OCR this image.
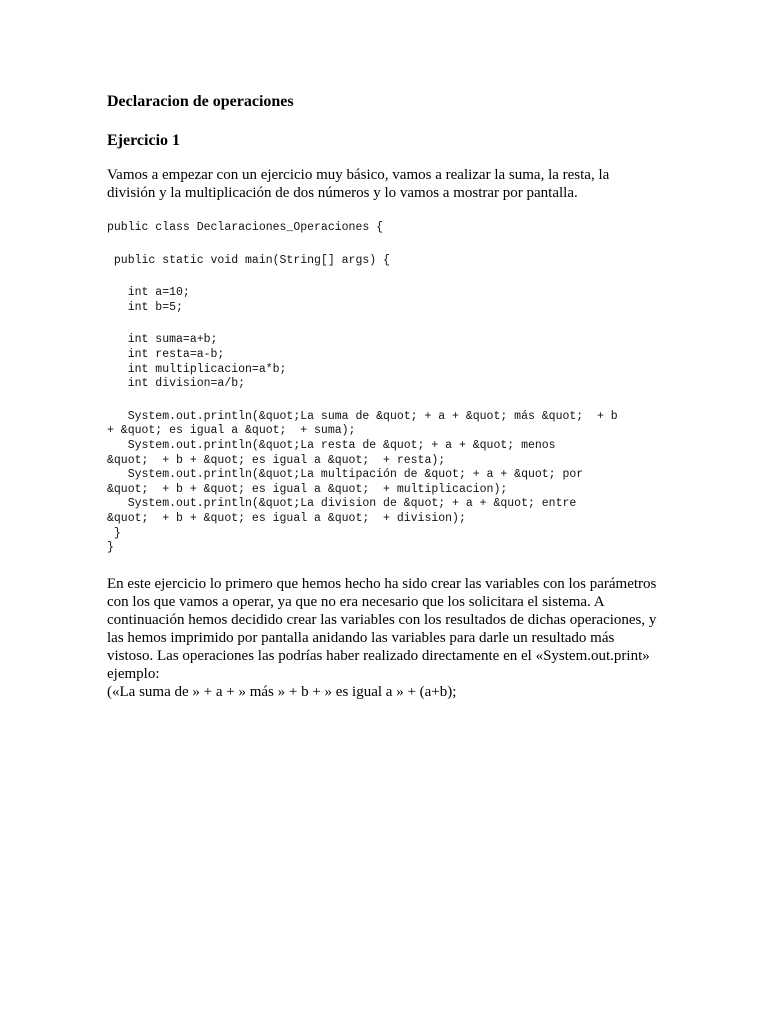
Declaracion de operaciones
Ejercicio 1

Vamos a empezar con un ejercicio muy básico, vamos a realizar la suma, la resta, la división y la multiplicación de dos números y lo vamos a mostrar por pantalla.

public class Declaraciones_Operaciones {
public static void main(String[] args) {
int a=10;
int b=5;
int suma=a+b;
int resta=a-b;
int multiplicacion=a*b;
int division=a/b;
System.out.println(&quot;La suma de &quot; + a + &quot; más &quot;  + b
+ &quot; es igual a &quot;  + suma);
System.out.println(&quot;La resta de &quot; + a + &quot; menos
&quot;  + b + &quot; es igual a &quot;  + resta);
System.out.println(&quot;La multipación de &quot; + a + &quot; por
&quot;  + b + &quot; es igual a &quot;  + multiplicacion);
System.out.println(&quot;La division de &quot; + a + &quot; entre
&quot;  + b + &quot; es igual a &quot;  + division);
}
}

En este ejercicio lo primero que hemos hecho ha sido crear las variables con los parámetros
con los que vamos a operar, ya que no era necesario que los solicitara el sistema. A
continuación hemos decidido crear las variables con los resultados de dichas operaciones, y
las hemos imprimido por pantalla anidando las variables para darle un resultado más
vistoso. Las operaciones las podrías haber realizado directamente en el «System.out.print»
ejemplo:
(«La suma de » + a + » más » + b + » es igual a » + (a+b);
